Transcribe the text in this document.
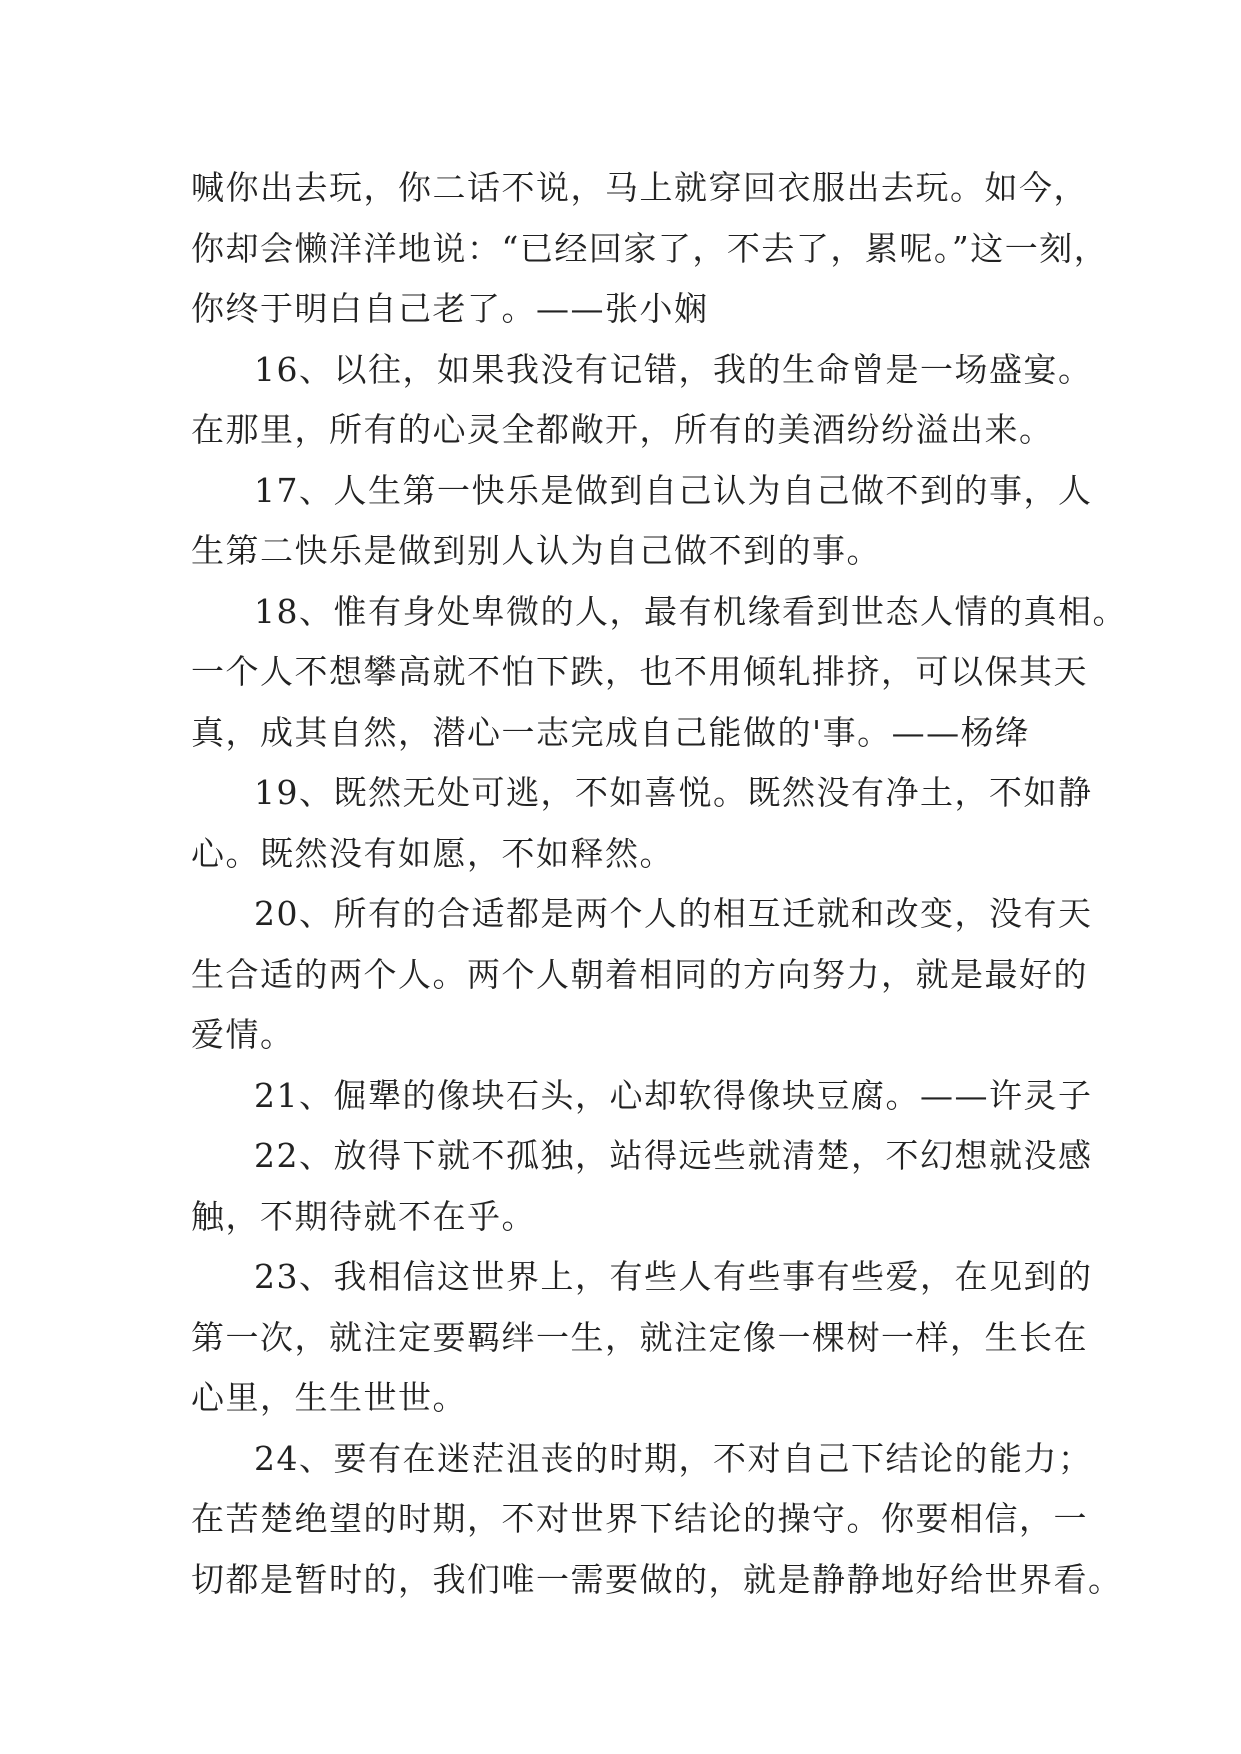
喊你出去玩，你二话不说，马上就穿回衣服出去玩。如今，
你却会懒洋洋地说：“已经回家了，不去了，累呢。”这一刻，
你终于明白自己老了。——张小娴
16、以往，如果我没有记错，我的生命曾是一场盛宴。
在那里，所有的心灵全都敞开，所有的美酒纷纷溢出来。
17、人生第一快乐是做到自己认为自己做不到的事，人
生第二快乐是做到别人认为自己做不到的事。
18、惟有身处卑微的人，最有机缘看到世态人情的真相。
一个人不想攀高就不怕下跌，也不用倾轧排挤，可以保其天
真，成其自然，潜心一志完成自己能做的'事。——杨绛
19、既然无处可逃，不如喜悦。既然没有净土，不如静
心。既然没有如愿，不如释然。
20、所有的合适都是两个人的相互迁就和改变，没有天
生合适的两个人。两个人朝着相同的方向努力，就是最好的
爱情。
21、倔犟的像块石头，心却软得像块豆腐。——许灵子
22、放得下就不孤独，站得远些就清楚，不幻想就没感
触，不期待就不在乎。
23、我相信这世界上，有些人有些事有些爱，在见到的
第一次，就注定要羁绊一生，就注定像一棵树一样，生长在
心里，生生世世。
24、要有在迷茫沮丧的时期，不对自己下结论的能力；
在苦楚绝望的时期，不对世界下结论的操守。你要相信，一
切都是暂时的，我们唯一需要做的，就是静静地好给世界看。
